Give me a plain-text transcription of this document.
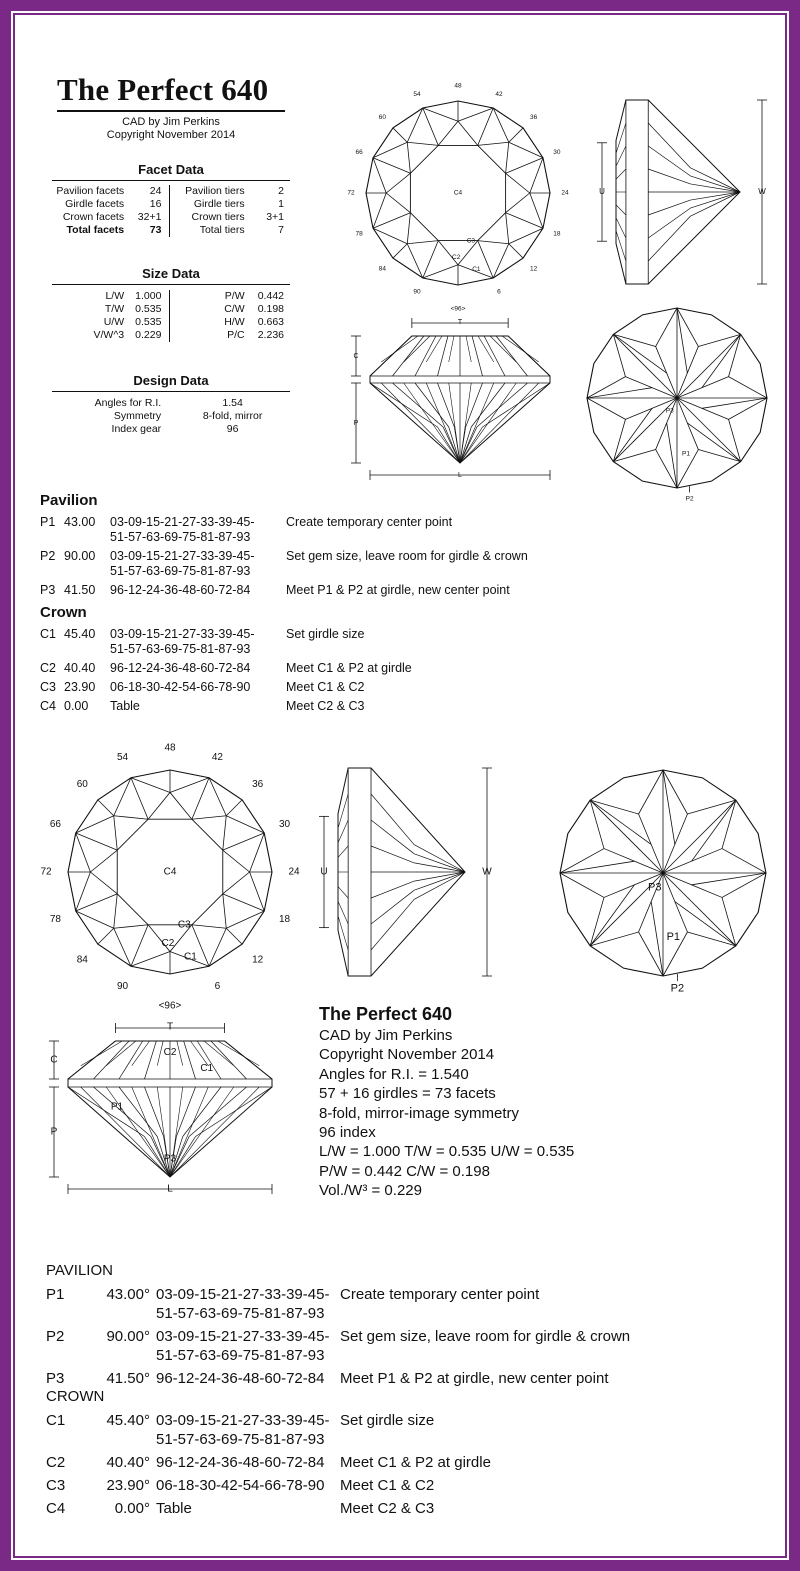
The Perfect 640
CAD by Jim Perkins
Copyright November 2014
Facet Data
Pavilion facets	24	Pavilion tiers	2
Girdle facets	16	Girdle tiers	1
Crown facets	32+1	Crown tiers	3+1
Total facets	73	Total tiers	7
Size Data
L/W	1.000	P/W	0.442
T/W	0.535	C/W	0.198
U/W	0.535	H/W	0.663
V/W^3	0.229	P/C	2.236
Design Data
Angles for R.I.	1.54
Symmetry	8-fold, mirror
Index gear	96
48
42
36
30
24
18
12
6
<96>
90
84
78
72
66
60
54
C4
C3
C2
C1
48
42
36
30
24
18
12
6
<96>
90
84
78
72
66
60
54
C4
C3
C2
C1
P3
P1
P2
P3
P1
P2
T
L
C
P
T
L
C
P
C2
C1
P1
P3
U	W
U	W
Pavilion
P1	43.00	03-09-15-21-27-33-39-45-
51-57-63-69-75-81-87-93	Create temporary center point
P2	90.00	03-09-15-21-27-33-39-45-
51-57-63-69-75-81-87-93	Set gem size, leave room for girdle & crown
P3	41.50	96-12-24-36-48-60-72-84	Meet P1 & P2 at girdle, new center point
Crown
C1	45.40	03-09-15-21-27-33-39-45-
51-57-63-69-75-81-87-93	Set girdle size
C2	40.40	96-12-24-36-48-60-72-84	Meet C1 & P2 at girdle
C3	23.90	06-18-30-42-54-66-78-90	Meet C1 & C2
C4	0.00	Table	Meet C2 & C3
The Perfect 640
CAD by Jim Perkins
Copyright November 2014
Angles for R.I. = 1.540
57 + 16 girdles = 73 facets
8-fold, mirror-image symmetry
96 index
L/W = 1.000 T/W = 0.535 U/W = 0.535
P/W = 0.442 C/W = 0.198
Vol./W³ = 0.229
PAVILION
P1	43.00°	03-09-15-21-27-33-39-45-
51-57-63-69-75-81-87-93	Create temporary center point
P2	90.00°	03-09-15-21-27-33-39-45-
51-57-63-69-75-81-87-93	Set gem size, leave room for girdle & crown
P3	41.50°	96-12-24-36-48-60-72-84	Meet P1 & P2 at girdle, new center point
CROWN
C1	45.40°	03-09-15-21-27-33-39-45-
51-57-63-69-75-81-87-93	Set girdle size
C2	40.40°	96-12-24-36-48-60-72-84	Meet C1 & P2 at girdle
C3	23.90°	06-18-30-42-54-66-78-90	Meet C1 & C2
C4	0.00°	Table	Meet C2 & C3
